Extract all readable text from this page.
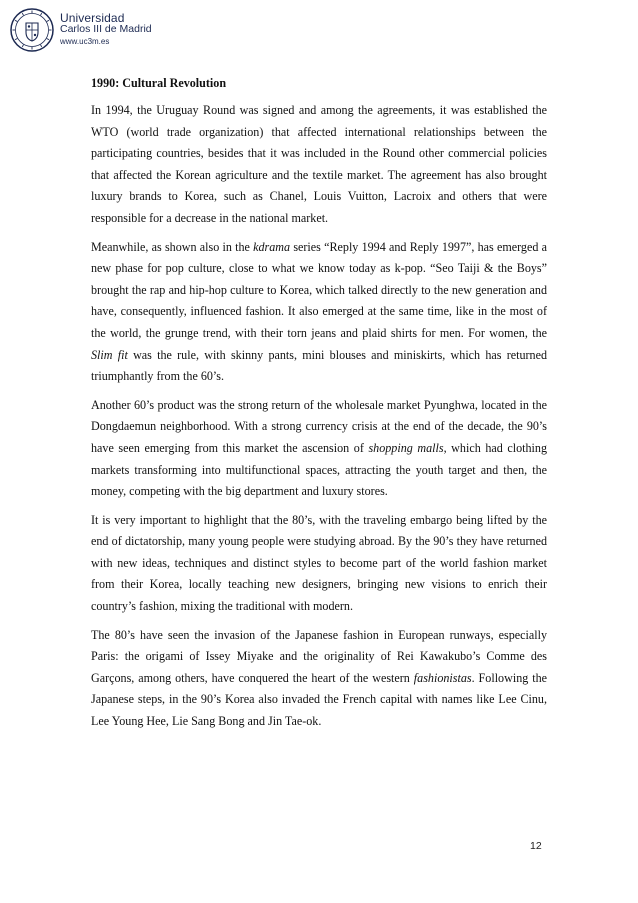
Universidad
Carlos III de Madrid
www.uc3m.es
1990: Cultural Revolution

In 1994, the Uruguay Round was signed and among the agreements, it was established the WTO (world trade organization) that affected international relationships between the participating countries, besides that it was included in the Round other commercial policies that affected the Korean agriculture and the textile market. The agreement has also brought luxury brands to Korea, such as Chanel, Louis Vuitton, Lacroix and others that were responsible for a decrease in the national market.

Meanwhile, as shown also in the kdrama series “Reply 1994 and Reply 1997”, has emerged a new phase for pop culture, close to what we know today as k-pop. “Seo Taiji & the Boys” brought the rap and hip-hop culture to Korea, which talked directly to the new generation and have, consequently, influenced fashion. It also emerged at the same time, like in the most of the world, the grunge trend, with their torn jeans and plaid shirts for men. For women, the Slim fit was the rule, with skinny pants, mini blouses and miniskirts, which has returned triumphantly from the 60’s.

Another 60’s product was the strong return of the wholesale market Pyunghwa, located in the Dongdaemun neighborhood. With a strong currency crisis at the end of the decade, the 90’s have seen emerging from this market the ascension of shopping malls, which had clothing markets transforming into multifunctional spaces, attracting the youth target and then, the money, competing with the big department and luxury stores.

It is very important to highlight that the 80’s, with the traveling embargo being lifted by the end of dictatorship, many young people were studying abroad. By the 90’s they have returned with new ideas, techniques and distinct styles to become part of the world fashion market from their Korea, locally teaching new designers, bringing new visions to enrich their country’s fashion, mixing the traditional with modern.

The 80’s have seen the invasion of the Japanese fashion in European runways, especially Paris: the origami of Issey Miyake and the originality of Rei Kawakubo’s Comme des Garçons, among others, have conquered the heart of the western fashionistas. Following the Japanese steps, in the 90’s Korea also invaded the French capital with names like Lee Cinu, Lee Young Hee, Lie Sang Bong and Jin Tae-ok.

12
